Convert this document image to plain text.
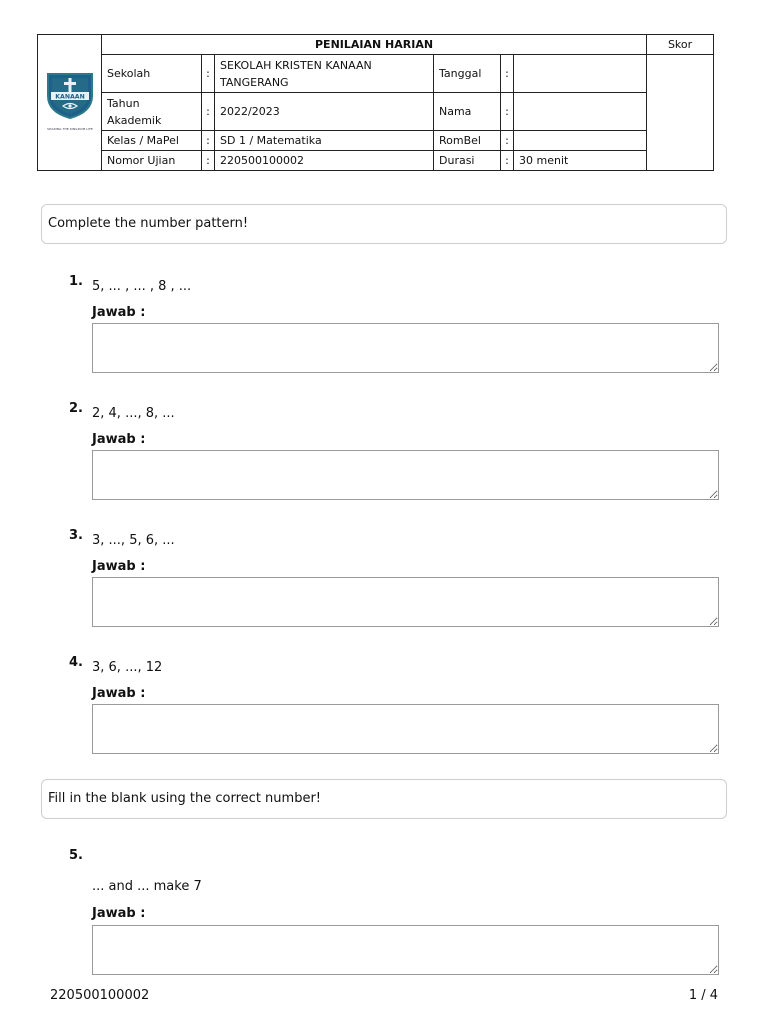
KANAAN
SHARING THE KINGDOM LIFE	PENILAIAN HARIAN						Skor
	Sekolah	:	SEKOLAH KRISTEN KANAAN TANGERANG	Tanggal	:		
	Tahun Akademik	:	2022/2023	Nama	:		
	Kelas / MaPel	:	SD 1 / Matematika	RomBel	:		
	Nomor Ujian	:	220500100002	Durasi	:	30 menit	
Complete the number pattern!
1. 5, ... , ... , 8 , ...
Jawab :
2. 2, 4, ..., 8, ...
Jawab :
3. 3, ..., 5, 6, ...
Jawab :
4. 3, 6, ..., 12
Jawab :
Fill in the blank using the correct number!
5.
... and ... make 7
Jawab :
220500100002	1 / 4
